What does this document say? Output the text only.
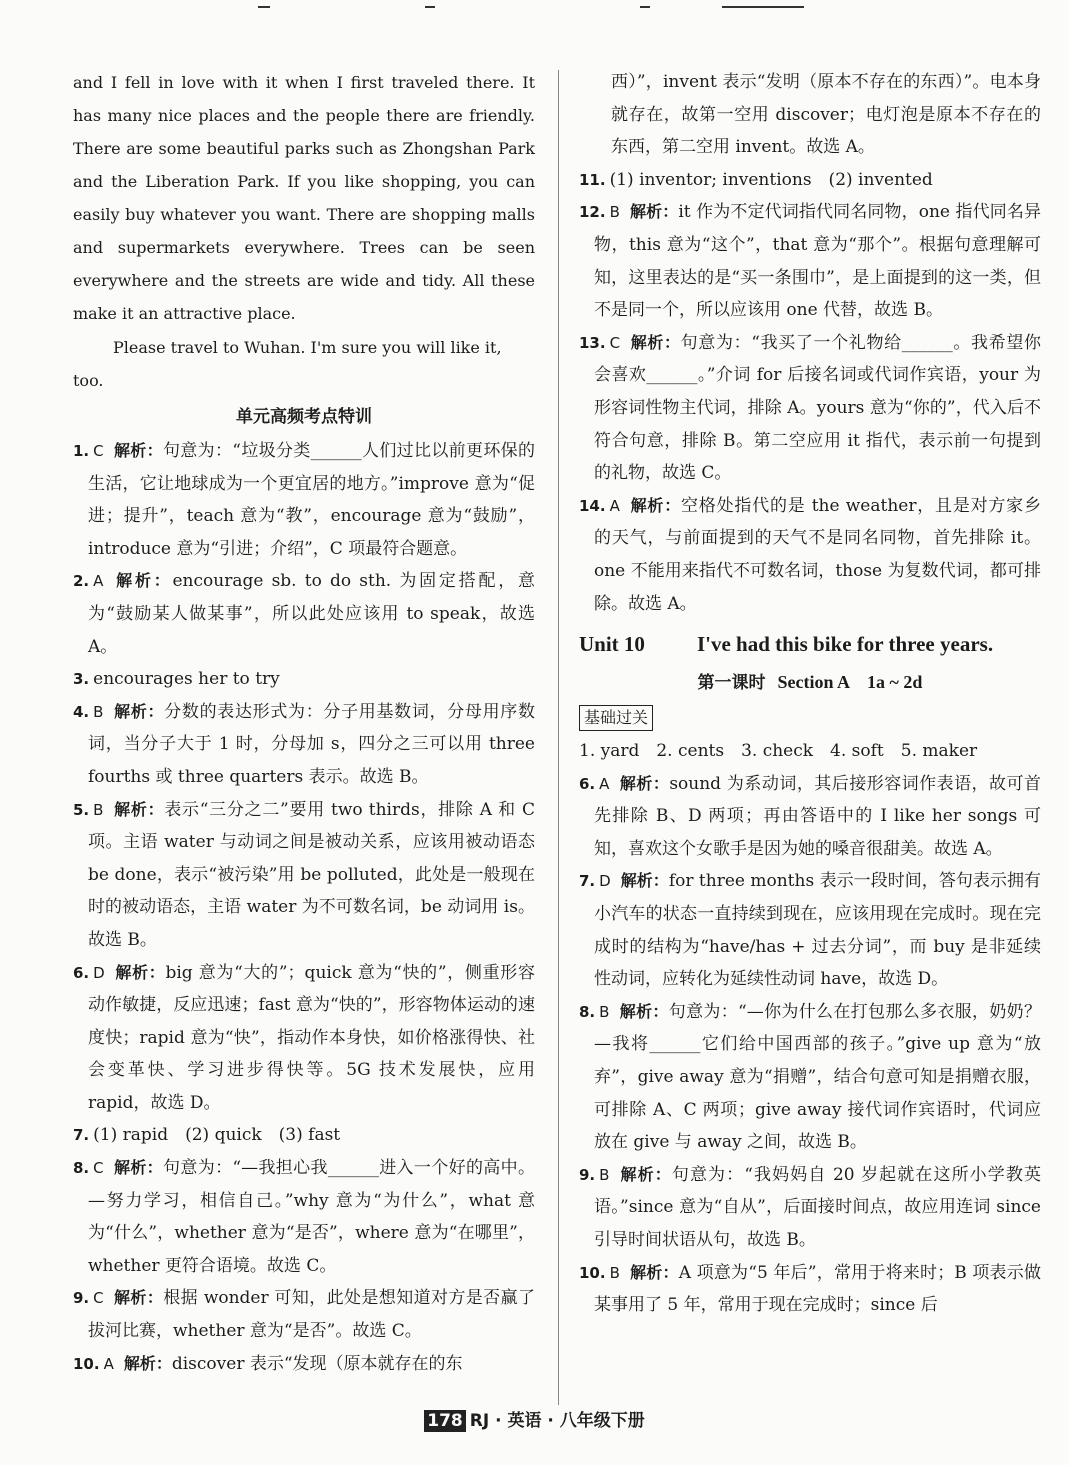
and I fell in love with it when I first traveled there. It has many nice places and the people there are friendly. There are some beautiful parks such as Zhongshan Park and the Liberation Park. If you like shopping, you can easily buy whatever you want. There are shopping malls and supermarkets everywhere. Trees can be seen everywhere and the streets are wide and tidy. All these make it an attractive place.

Please travel to Wuhan. I'm sure you will like it, too.

单元高频考点特训

1. C 解析：句意为：“垃圾分类______人们过比以前更环保的生活，它让地球成为一个更宜居的地方。”improve 意为“促进；提升”，teach 意为“教”，encourage 意为“鼓励”，introduce 意为“引进；介绍”，C 项最符合题意。

2. A 解析：encourage sb. to do sth. 为固定搭配，意为“鼓励某人做某事”，所以此处应该用 to speak，故选 A。

3. encourages her to try

4. B 解析：分数的表达形式为：分子用基数词，分母用序数词，当分子大于 1 时，分母加 s，四分之三可以用 three fourths 或 three quarters 表示。故选 B。

5. B 解析：表示“三分之二”要用 two thirds，排除 A 和 C 项。主语 water 与动词之间是被动关系，应该用被动语态 be done，表示“被污染”用 be polluted，此处是一般现在时的被动语态，主语 water 为不可数名词，be 动词用 is。故选 B。

6. D 解析：big 意为“大的”；quick 意为“快的”，侧重形容动作敏捷，反应迅速；fast 意为“快的”，形容物体运动的速度快；rapid 意为“快”，指动作本身快，如价格涨得快、社会变革快、学习进步得快等。5G 技术发展快，应用 rapid，故选 D。

7. (1) rapid　(2) quick　(3) fast

8. C 解析：句意为：“—我担心我______进入一个好的高中。—努力学习，相信自己。”why 意为“为什么”，what 意为“什么”，whether 意为“是否”，where 意为“在哪里”，whether 更符合语境。故选 C。

9. C 解析：根据 wonder 可知，此处是想知道对方是否赢了拔河比赛，whether 意为“是否”。故选 C。

10. A 解析：discover 表示“发现（原本就存在的东

西）”，invent 表示“发明（原本不存在的东西）”。电本身就存在，故第一空用 discover；电灯泡是原本不存在的东西，第二空用 invent。故选 A。

11. (1) inventor; inventions　(2) invented

12. B 解析：it 作为不定代词指代同名同物，one 指代同名异物，this 意为“这个”，that 意为“那个”。根据句意理解可知，这里表达的是“买一条围巾”，是上面提到的这一类，但不是同一个，所以应该用 one 代替，故选 B。

13. C 解析：句意为：“我买了一个礼物给______。我希望你会喜欢______。”介词 for 后接名词或代词作宾语，your 为形容词性物主代词，排除 A。yours 意为“你的”，代入后不符合句意，排除 B。第二空应用 it 指代，表示前一句提到的礼物，故选 C。

14. A 解析：空格处指代的是 the weather，且是对方家乡的天气，与前面提到的天气不是同名同物，首先排除 it。one 不能用来指代不可数名词，those 为复数代词，都可排除。故选 A。

Unit 10 I've had this bike for three years.
第一课时 Section A　1a ~ 2d
基础过关

1. yard　2. cents　3. check　4. soft　5. maker

6. A 解析：sound 为系动词，其后接形容词作表语，故可首先排除 B、D 两项；再由答语中的 I like her songs 可知，喜欢这个女歌手是因为她的嗓音很甜美。故选 A。

7. D 解析：for three months 表示一段时间，答句表示拥有小汽车的状态一直持续到现在，应该用现在完成时。现在完成时的结构为“have/has + 过去分词”，而 buy 是非延续性动词，应转化为延续性动词 have，故选 D。

8. B 解析：句意为：“—你为什么在打包那么多衣服，奶奶？—我将______它们给中国西部的孩子。”give up 意为“放弃”，give away 意为“捐赠”，结合句意可知是捐赠衣服，可排除 A、C 两项；give away 接代词作宾语时，代词应放在 give 与 away 之间，故选 B。

9. B 解析：句意为：“我妈妈自 20 岁起就在这所小学教英语。”since 意为“自从”，后面接时间点，故应用连词 since 引导时间状语从句，故选 B。

10. B 解析：A 项意为“5 年后”，常用于将来时；B 项表示做某事用了 5 年，常用于现在完成时；since 后

178 RJ · 英语 · 八年级下册
